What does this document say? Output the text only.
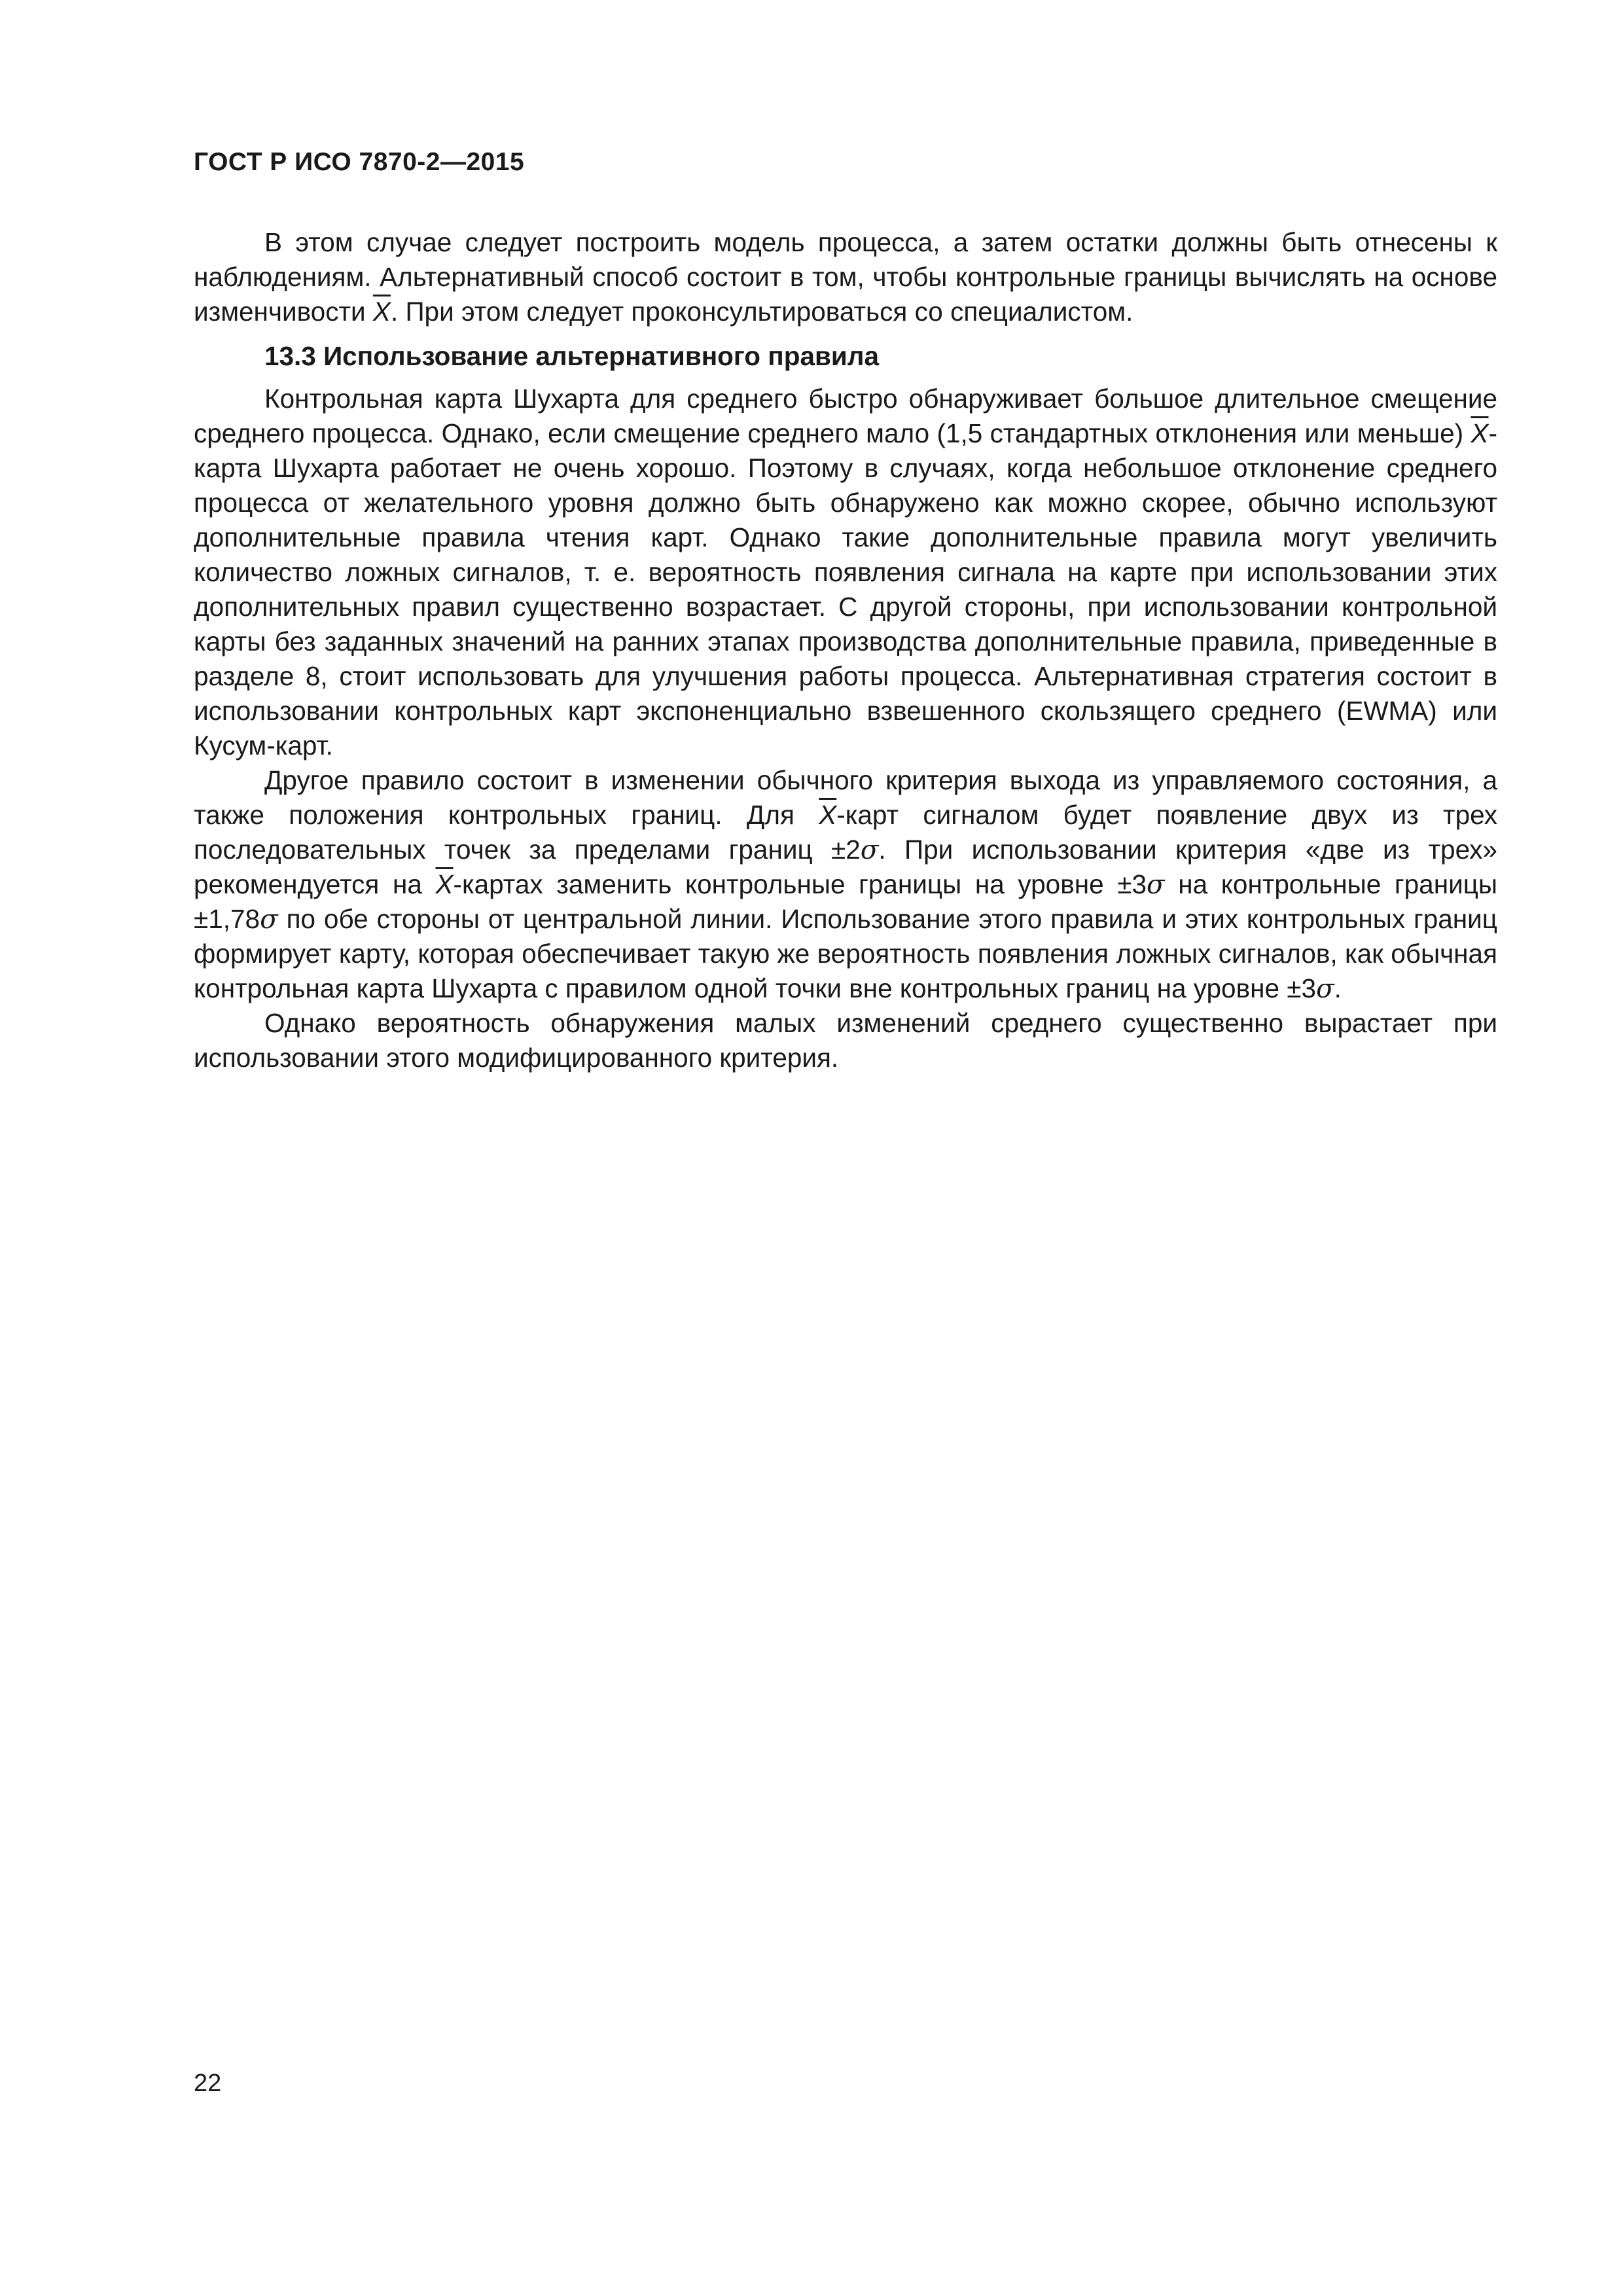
ГОСТ Р ИСО 7870-2—2015

В этом случае следует построить модель процесса, а затем остатки должны быть отнесены к наблюдениям. Альтернативный способ состоит в том, чтобы контрольные границы вычислять на основе изменчивости $\overline{X}$. При этом следует проконсультироваться со специалистом.

13.3 Использование альтернативного правила

Контрольная карта Шухарта для среднего быстро обнаруживает большое длительное смещение среднего процесса. Однако, если смещение среднего мало (1,5 стандартных отклонения или меньше) $\overline{X}$-карта Шухарта работает не очень хорошо. Поэтому в случаях, когда небольшое отклонение среднего процесса от желательного уровня должно быть обнаружено как можно скорее, обычно используют дополнительные правила чтения карт. Однако такие дополнительные правила могут увеличить количество ложных сигналов, т. е. вероятность появления сигнала на карте при использовании этих дополнительных правил существенно возрастает. С другой стороны, при использовании контрольной карты без заданных значений на ранних этапах производства дополнительные правила, приведенные в разделе 8, стоит использовать для улучшения работы процесса. Альтернативная стратегия состоит в использовании контрольных карт экспоненциально взвешенного скользящего среднего (EWMA) или Кусум-карт.

Другое правило состоит в изменении обычного критерия выхода из управляемого состояния, а также положения контрольных границ. Для $\overline{X}$-карт сигналом будет появление двух из трех последовательных точек за пределами границ ±2σ. При использовании критерия «две из трех» рекомендуется на $\overline{X}$-картах заменить контрольные границы на уровне ±3σ на контрольные границы ±1,78σ по обе стороны от центральной линии. Использование этого правила и этих контрольных границ формирует карту, которая обеспечивает такую же вероятность появления ложных сигналов, как обычная контрольная карта Шухарта с правилом одной точки вне контрольных границ на уровне ±3σ.

Однако вероятность обнаружения малых изменений среднего существенно вырастает при использовании этого модифицированного критерия.

22
